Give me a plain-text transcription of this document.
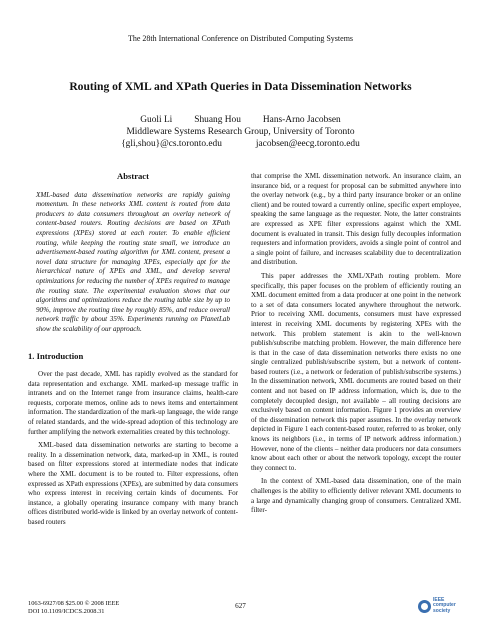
The 28th International Conference on Distributed Computing Systems
Routing of XML and XPath Queries in Data Dissemination Networks
Guoli Li Shuang Hou Hans-Arno Jacobsen
Middleware Systems Research Group, University of Toronto
{gli,shou}@cs.toronto.edu	jacobsen@eecg.toronto.edu
Abstract

XML-based data dissemination networks are rapidly gaining momentum. In these networks XML content is routed from data producers to data consumers throughout an overlay network of content-based routers. Routing decisions are based on XPath expressions (XPEs) stored at each router. To enable efficient routing, while keeping the routing state small, we introduce an advertisement-based routing algorithm for XML content, present a novel data structure for managing XPEs, especially apt for the hierarchical nature of XPEs and XML, and develop several optimizations for reducing the number of XPEs required to manage the routing state. The experimental evaluation shows that our algorithms and optimizations reduce the routing table size by up to 90%, improve the routing time by roughly 85%, and reduce overall network traffic by about 35%. Experiments running on PlanetLab show the scalability of our approach.

1. Introduction

Over the past decade, XML has rapidly evolved as the standard for data representation and exchange. XML marked-up message traffic in intranets and on the Internet range from insurance claims, health-care requests, corporate memos, online ads to news items and entertainment information. The standardization of the mark-up language, the wide range of related standards, and the wide-spread adoption of this technology are further amplifying the network externalities created by this technology.

XML-based data dissemination networks are starting to become a reality. In a dissemination network, data, marked-up in XML, is routed based on filter expressions stored at intermediate nodes that indicate where the XML document is to be routed to. Filter expressions, often expressed as XPath expressions (XPEs), are submitted by data consumers who express interest in receiving certain kinds of documents. For instance, a globally operating insurance company with many branch offices distributed world-wide is linked by an overlay network of content-based routers

that comprise the XML dissemination network. An insurance claim, an insurance bid, or a request for proposal can be submitted anywhere into the overlay network (e.g., by a third party insurance broker or an online client) and be routed toward a currently online, specific expert employee, speaking the same language as the requester. Note, the latter constraints are expressed as XPE filter expressions against which the XML document is evaluated in transit. This design fully decouples information requesters and information providers, avoids a single point of control and a single point of failure, and increases scalability due to decentralization and distribution.

This paper addresses the XML/XPath routing problem. More specifically, this paper focuses on the problem of efficiently routing an XML document emitted from a data producer at one point in the network to a set of data consumers located anywhere throughout the network. Prior to receiving XML documents, consumers must have expressed interest in receiving XML documents by registering XPEs with the network. This problem statement is akin to the well-known publish/subscribe matching problem. However, the main difference here is that in the case of data dissemination networks there exists no one single centralized publish/subscribe system, but a network of content-based routers (i.e., a network or federation of publish/subscribe systems.) In the dissemination network, XML documents are routed based on their content and not based on IP address information, which is, due to the completely decoupled design, not available – all routing decisions are exclusively based on content information. Figure 1 provides an overview of the dissemination network this paper assumes. In the overlay network depicted in Figure 1 each content-based router, referred to as broker, only knows its neighbors (i.e., in terms of IP network address information.) However, none of the clients – neither data producers nor data consumers know about each other or about the network topology, except the router they connect to.

In the context of XML-based data dissemination, one of the main challenges is the ability to efficiently deliver relevant XML documents to a large and dynamically changing group of consumers. Centralized XML filter-

1063-6927/08 $25.00 © 2008 IEEE
DOI 10.1109/ICDCS.2008.31
627
IEEE
computer
society
